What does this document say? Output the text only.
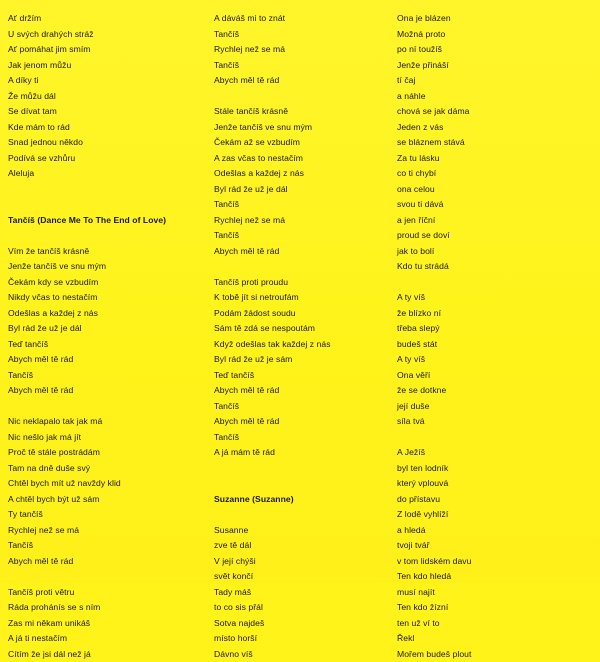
Ať držím
U svých drahých stráž
Ať pomáhat jim smím
Jak jenom můžu
A díky ti
Že můžu dál
Se dívat tam
Kde mám to rád
Snad jednou někdo
Podívá se vzhůru
Aleluja
Tančíš (Dance Me To The End of Love)
Vím že tančíš krásně
Jenže tančíš ve snu mým
Čekám kdy se vzbudím
Nikdy včas to nestačím
Odešlas a každej z nás
Byl rád že už je dál
Teď tančíš
Abych měl tě rád
Tančíš
Abych měl tě rád
Nic neklapalo tak jak má
Nic nešlo jak má jít
Proč tě stále postrádám
Tam na dně duše svý
Chtěl bych mít už navždy klid
A chtěl bych být už sám
Ty tančíš
Rychlej než se má
Tančíš
Abych měl tě rád
Tančíš proti větru
Ráda prohánís se s ním
Zas mi někam unikáš
A já ti nestačím
Cítím že jsi dál než já
A dáváš mi to znát
Tančíš
Rychlej než se má
Tančíš
Abych měl tě rád
Stále tančíš krásně
Jenže tančíš ve snu mým
Čekám až se vzbudím
A zas včas to nestačím
Odešlas a každej z nás
Byl rád že už je dál
Tančíš
Rychlej než se má
Tančíš
Abych měl tě rád
Tančíš proti proudu
K tobě jít si netroufám
Podám žádost soudu
Sám tě zdá se nespoutám
Když odešlas tak každej z nás
Byl rád že už je sám
Teď tančíš
Abych měl tě rád
Tančíš
Abych měl tě rád
Tančíš
A já mám tě rád
Suzanne (Suzanne)
Susanne
zve tě dál
V její chýši
svět končí
Tady máš
to co sis přál
Sotva najdeš
místo horší
Dávno víš
Ona je blázen
Možná proto
po ní toužíš
Jenže přináší
tí čaj
a náhle
chová se jak dáma
Jeden z vás
se bláznem stává
Za tu lásku
co ti chybí
ona celou
svou ti dává
a jen říční
proud se doví
jak to bolí
Kdo tu strádá
A ty víš
že blízko ní
třeba slepý
budeš stát
A ty víš
Ona věří
že se dotkne
její duše
síla tvá
A Ježíš
byl ten lodník
který vplouvá
do přístavu
Z lodě vyhlíží
a hledá
tvoji tvář
v tom lidském davu
Ten kdo hledá
musí najít
Ten kdo žízní
ten už ví to
Řekl
Mořem budeš plout
